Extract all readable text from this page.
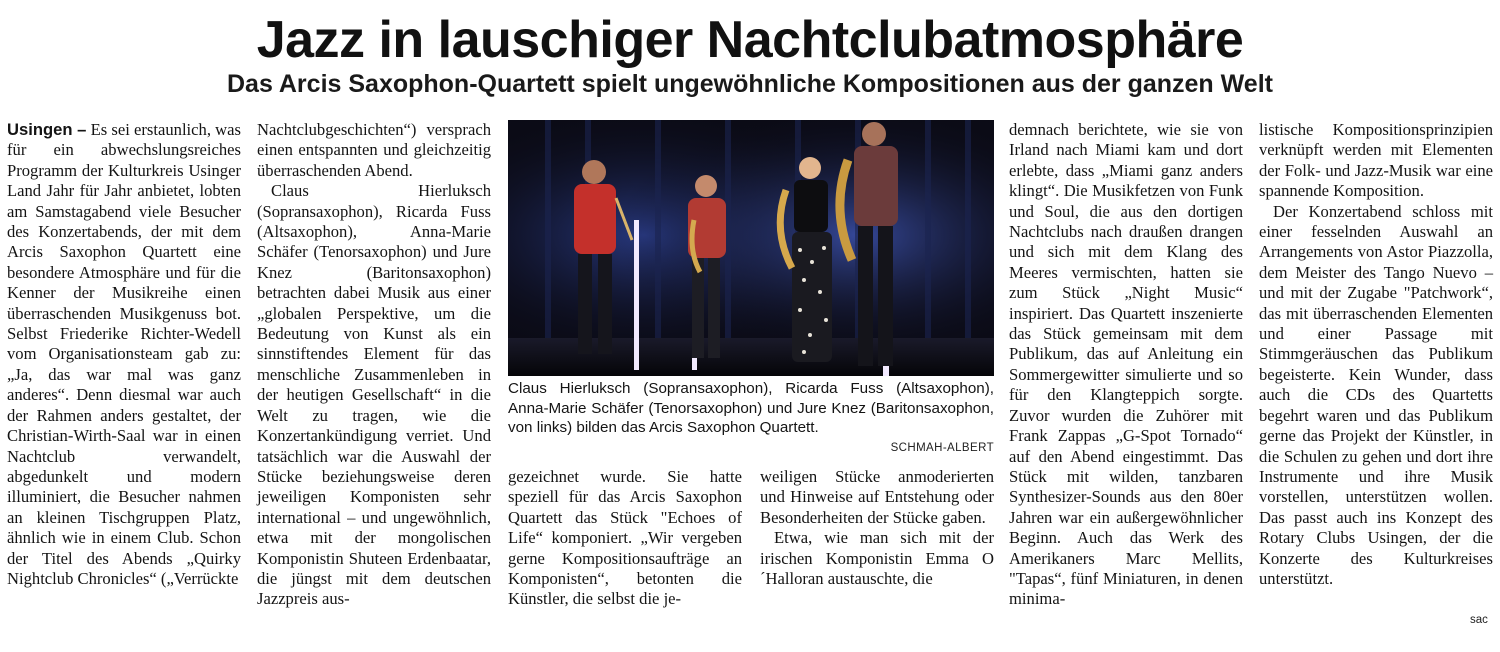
Jazz in lauschiger Nachtclubatmosphäre
Das Arcis Saxophon-Quartett spielt ungewöhnliche Kompositionen aus der ganzen Welt

Usingen – Es sei erstaunlich, was für ein abwechslungsreiches Programm der Kulturkreis Usinger Land Jahr für Jahr anbietet, lobten am Samstagabend viele Besucher des Konzertabends, der mit dem Arcis Saxophon Quartett eine besondere Atmosphäre und für die Kenner der Musikreihe einen überraschenden Musikgenuss bot. Selbst Friederike Richter-Wedell vom Organisationsteam gab zu: „Ja, das war mal was ganz anderes“. Denn diesmal war auch der Rahmen anders gestaltet, der Christian-Wirth-Saal war in einen Nachtclub verwandelt, abgedunkelt und modern illuminiert, die Besucher nahmen an kleinen Tischgruppen Platz, ähnlich wie in einem Club. Schon der Titel des Abends „Quirky Nightclub Chronicles“ („Verrückte

Nachtclubgeschichten“) versprach einen entspannten und gleichzeitig überraschenden Abend.

Claus Hierluksch (Sopransaxophon), Ricarda Fuss (Altsaxophon), Anna-Marie Schäfer (Tenorsaxophon) und Jure Knez (Baritonsaxophon) betrachten dabei Musik aus einer „globalen Perspektive, um die Bedeutung von Kunst als ein sinnstiftendes Element für das menschliche Zusammenleben in der heutigen Gesellschaft“ in die Welt zu tragen, wie die Konzertankündigung verriet. Und tatsächlich war die Auswahl der Stücke beziehungsweise deren jeweiligen Komponisten sehr international – und ungewöhnlich, etwa mit der mongolischen Komponistin Shuteen Erdenbaatar, die jüngst mit dem deutschen Jazzpreis aus-

Claus Hierluksch (Sopransaxophon), Ricarda Fuss (Altsaxophon), Anna-Marie Schäfer (Tenorsaxophon) und Jure Knez (Baritonsaxophon, von links) bilden das Arcis Saxophon Quartett.
SCHMAH-ALBERT

gezeichnet wurde. Sie hatte speziell für das Arcis Saxophon Quartett das Stück "Echoes of Life“ komponiert. „Wir vergeben gerne Kompositionsaufträge an Komponisten“, betonten die Künstler, die selbst die je-

weiligen Stücke anmoderierten und Hinweise auf Entstehung oder Besonderheiten der Stücke gaben.

Etwa, wie man sich mit der irischen Komponistin Emma O´Halloran austauschte, die

demnach berichtete, wie sie von Irland nach Miami kam und dort erlebte, dass „Miami ganz anders klingt“. Die Musikfetzen von Funk und Soul, die aus den dortigen Nachtclubs nach draußen drangen und sich mit dem Klang des Meeres vermischten, hatten sie zum Stück „Night Music“ inspiriert. Das Quartett inszenierte das Stück gemeinsam mit dem Publikum, das auf Anleitung ein Sommergewitter simulierte und so für den Klangteppich sorgte. Zuvor wurden die Zuhörer mit Frank Zappas „G-Spot Tornado“ auf den Abend eingestimmt. Das Stück mit wilden, tanzbaren Synthesizer-Sounds aus den 80er Jahren war ein außergewöhnlicher Beginn. Auch das Werk des Amerikaners Marc Mellits, "Tapas“, fünf Miniaturen, in denen minima-

listische Kompositionsprinzipien verknüpft werden mit Elementen der Folk- und Jazz-Musik war eine spannende Komposition.

Der Konzertabend schloss mit einer fesselnden Auswahl an Arrangements von Astor Piazzolla, dem Meister des Tango Nuevo – und mit der Zugabe "Patchwork“, das mit überraschenden Elementen und einer Passage mit Stimmgeräuschen das Publikum begeisterte. Kein Wunder, dass auch die CDs des Quartetts begehrt waren und das Publikum gerne das Projekt der Künstler, in die Schulen zu gehen und dort ihre Instrumente und ihre Musik vorstellen, unterstützen wollen. Das passt auch ins Konzept des Rotary Clubs Usingen, der die Konzerte des Kulturkreises unterstützt.

sac
